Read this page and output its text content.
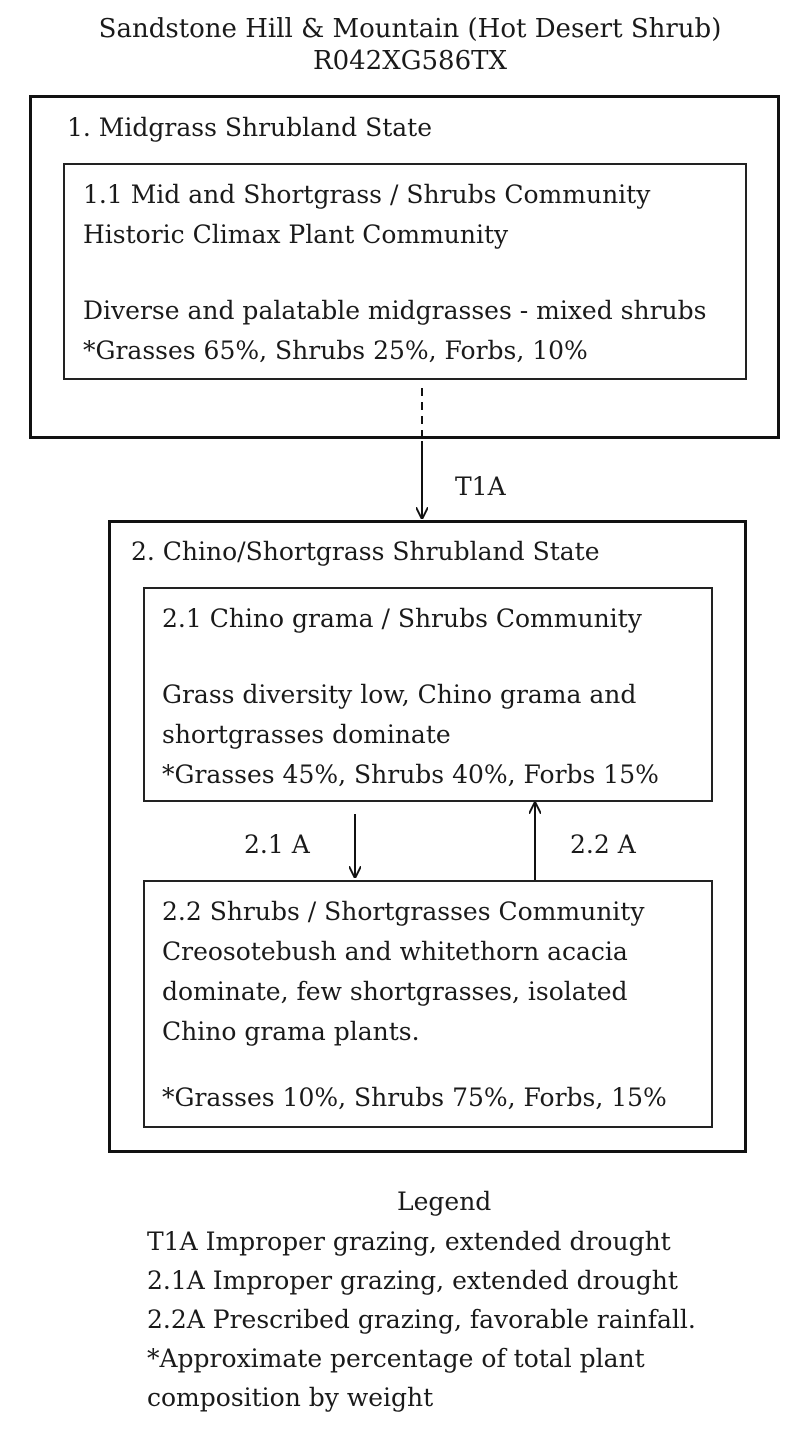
Sandstone Hill & Mountain (Hot Desert Shrub)
R042XG586TX
1. Midgrass Shrubland State
1.1 Mid and Shortgrass / Shrubs Community
Historic Climax Plant Community
Diverse and palatable midgrasses - mixed shrubs
*Grasses 65%, Shrubs 25%, Forbs, 10%
2. Chino/Shortgrass Shrubland State
2.1 Chino grama / Shrubs Community
Grass diversity low, Chino grama and
shortgrasses dominate
*Grasses 45%, Shrubs 40%, Forbs 15%
2.2 Shrubs / Shortgrasses Community
Creosotebush and whitethorn acacia
dominate, few shortgrasses, isolated
Chino grama plants.
*Grasses 10%, Shrubs 75%, Forbs, 15%
T1A
2.1 A	2.2 A
Legend
T1A Improper grazing, extended drought
2.1A Improper grazing, extended drought
2.2A Prescribed grazing, favorable rainfall.
*Approximate percentage of total plant
composition by weight
